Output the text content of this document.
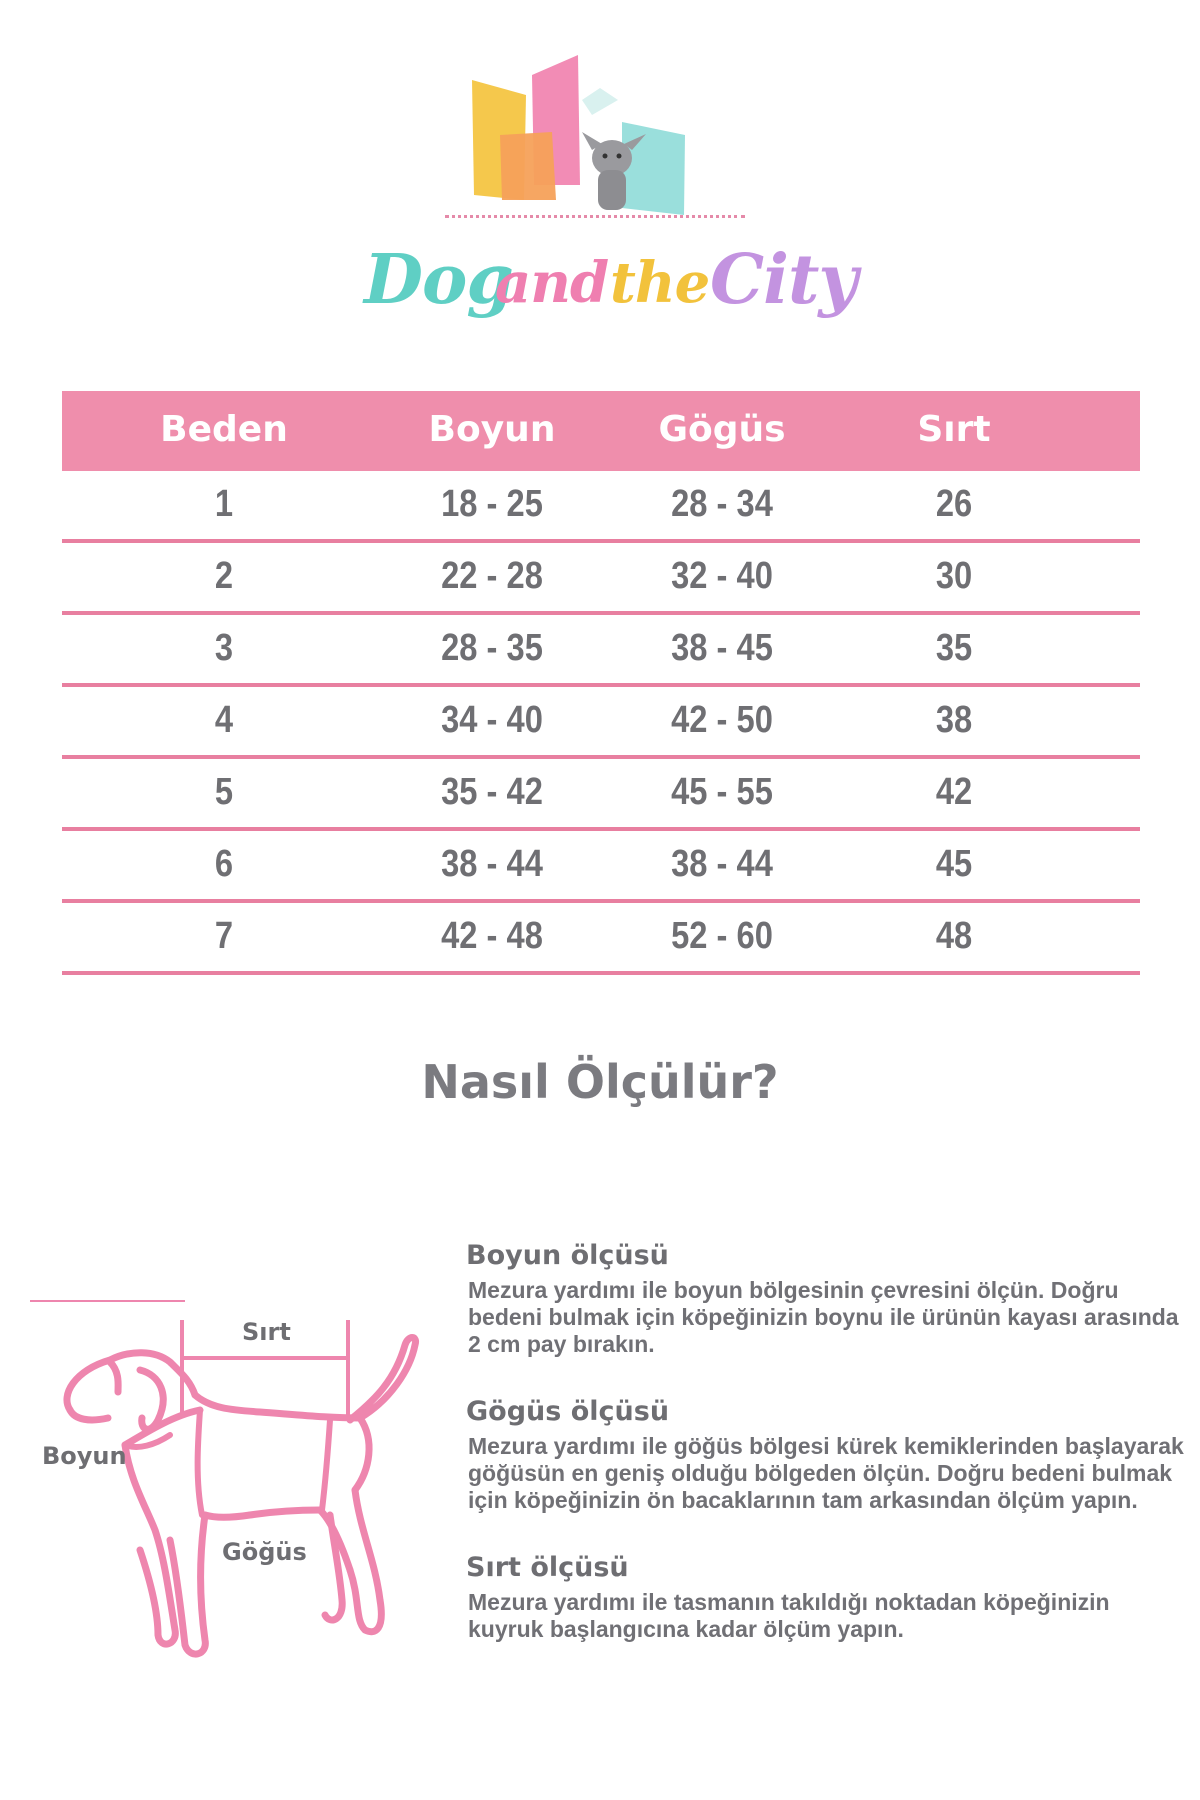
Dog
and the City
Beden	Boyun	Gögüs	Sırt
1	18 - 25	28 - 34	26
2	22 - 28	32 - 40	30
3	28 - 35	38 - 45	35
4	34 - 40	42 - 50	38
5	35 - 42	45 - 55	42
6	38 - 44	38 - 44	45
7	42 - 48	52 - 60	48
Nasıl Ölçülür?
Sırt
Boyun
Göğüs
Boyun ölçüsü

Mezura yardımı ile boyun bölgesinin çevresini ölçün. Doğru bedeni bulmak için köpeğinizin boynu ile ürünün kayası arasında 2 cm pay bırakın.

Gögüs ölçüsü

Mezura yardımı ile göğüs bölgesi kürek kemiklerinden başlayarak göğüsün en geniş olduğu bölgeden ölçün. Doğru bedeni bulmak için köpeğinizin ön bacaklarının tam arkasından ölçüm yapın.

Sırt ölçüsü

Mezura yardımı ile tasmanın takıldığı noktadan köpeğinizin kuyruk başlangıcına kadar ölçüm yapın.
